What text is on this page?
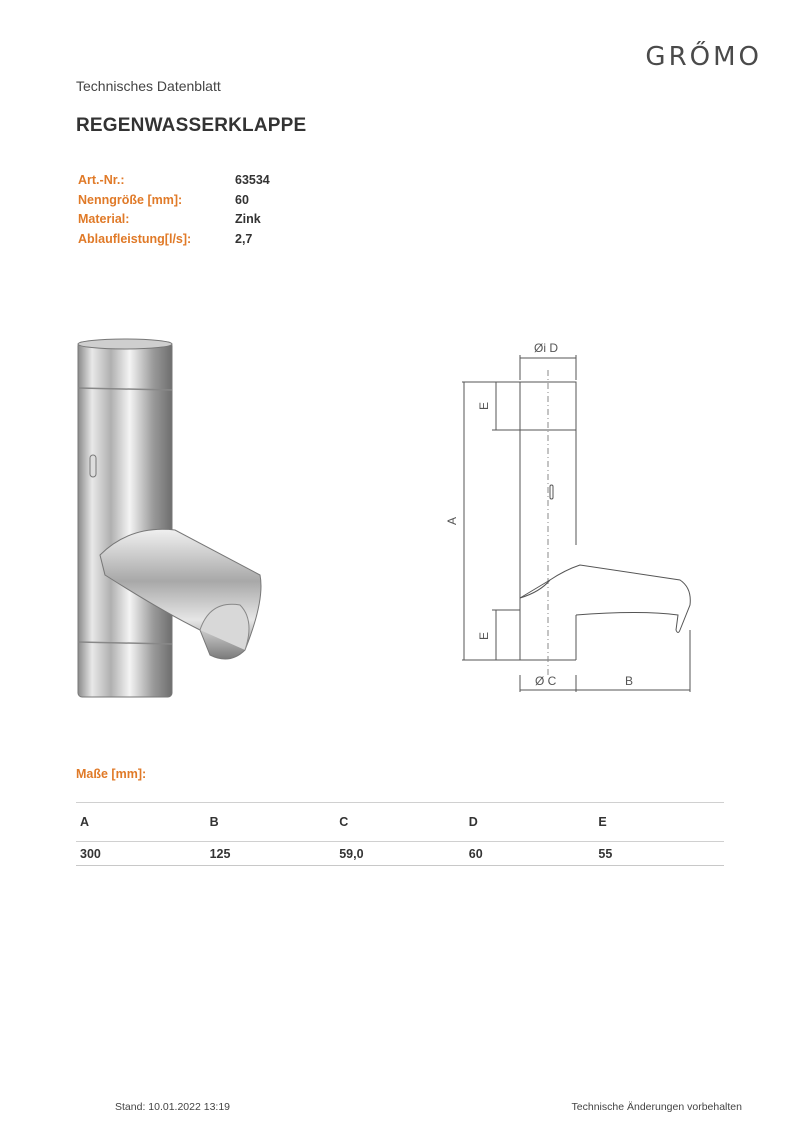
GRŐMO
Technisches Datenblatt
REGENWASSERKLAPPE
Art.-Nr.:	63534
Nenngröße [mm]:	60
Material:	Zink
Ablaufleistung[l/s]:	2,7
Øi D
A
E
E
Ø C	B
Maße [mm]:
A	B	C	D	E
300	125	59,0	60	55
Stand: 10.01.2022 13:19	Technische Änderungen vorbehalten
